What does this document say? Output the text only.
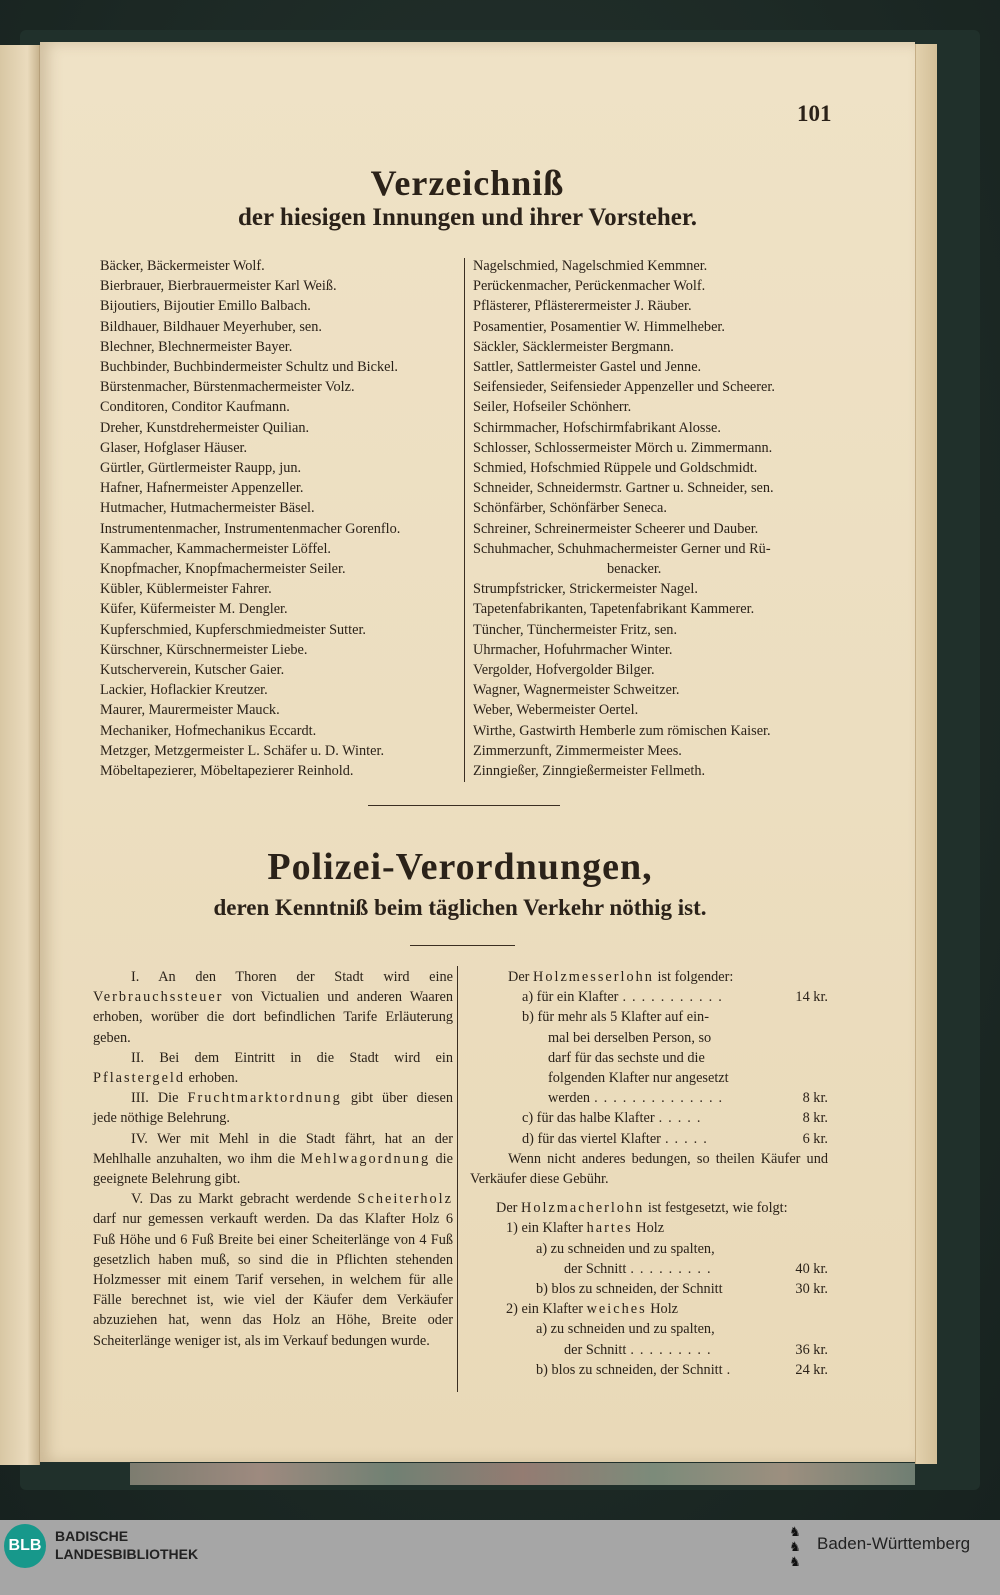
101
Verzeichniß
der hiesigen Innungen und ihrer Vorsteher.
Bäcker, Bäckermeister Wolf.
Bierbrauer, Bierbrauermeister Karl Weiß.
Bijoutiers, Bijoutier Emillo Balbach.
Bildhauer, Bildhauer Meyerhuber, sen.
Blechner, Blechnermeister Bayer.
Buchbinder, Buchbindermeister Schultz und Bickel.
Bürstenmacher, Bürstenmachermeister Volz.
Conditoren, Conditor Kaufmann.
Dreher, Kunstdrehermeister Quilian.
Glaser, Hofglaser Häuser.
Gürtler, Gürtlermeister Raupp, jun.
Hafner, Hafnermeister Appenzeller.
Hutmacher, Hutmachermeister Bäsel.
Instrumentenmacher, Instrumentenmacher Gorenflo.
Kammacher, Kammachermeister Löffel.
Knopfmacher, Knopfmachermeister Seiler.
Kübler, Küblermeister Fahrer.
Küfer, Küfermeister M. Dengler.
Kupferschmied, Kupferschmiedmeister Sutter.
Kürschner, Kürschnermeister Liebe.
Kutscherverein, Kutscher Gaier.
Lackier, Hoflackier Kreutzer.
Maurer, Maurermeister Mauck.
Mechaniker, Hofmechanikus Eccardt.
Metzger, Metzgermeister L. Schäfer u. D. Winter.
Möbeltapezierer, Möbeltapezierer Reinhold.
Nagelschmied, Nagelschmied Kemmner.
Perückenmacher, Perückenmacher Wolf.
Pflästerer, Pflästerermeister J. Räuber.
Posamentier, Posamentier W. Himmelheber.
Säckler, Säcklermeister Bergmann.
Sattler, Sattlermeister Gastel und Jenne.
Seifensieder, Seifensieder Appenzeller und Scheerer.
Seiler, Hofseiler Schönherr.
Schirmmacher, Hofschirmfabrikant Alosse.
Schlosser, Schlossermeister Mörch u. Zimmermann.
Schmied, Hofschmied Rüppele und Goldschmidt.
Schneider, Schneidermstr. Gartner u. Schneider, sen.
Schönfärber, Schönfärber Seneca.
Schreiner, Schreinermeister Scheerer und Dauber.
Schuhmacher, Schuhmachermeister Gerner und Rü-
benacker.
Strumpfstricker, Strickermeister Nagel.
Tapetenfabrikanten, Tapetenfabrikant Kammerer.
Tüncher, Tünchermeister Fritz, sen.
Uhrmacher, Hofuhrmacher Winter.
Vergolder, Hofvergolder Bilger.
Wagner, Wagnermeister Schweitzer.
Weber, Webermeister Oertel.
Wirthe, Gastwirth Hemberle zum römischen Kaiser.
Zimmerzunft, Zimmermeister Mees.
Zinngießer, Zinngießermeister Fellmeth.
Polizei-Verordnungen,
deren Kenntniß beim täglichen Verkehr nöthig ist.

I. An den Thoren der Stadt wird eine Verbrauchssteuer von Victualien und anderen Waaren erhoben, worüber die dort befindlichen Tarife Erläuterung geben.

II. Bei dem Eintritt in die Stadt wird ein Pflastergeld erhoben.

III. Die Fruchtmarktordnung gibt über diesen jede nöthige Belehrung.

IV. Wer mit Mehl in die Stadt fährt, hat an der Mehlhalle anzuhalten, wo ihm die Mehlwagordnung die geeignete Belehrung gibt.

V. Das zu Markt gebracht werdende Scheiterholz darf nur gemessen verkauft werden. Da das Klafter Holz 6 Fuß Höhe und 6 Fuß Breite bei einer Scheiterlänge von 4 Fuß gesetzlich haben muß, so sind die in Pflichten stehenden Holzmesser mit einem Tarif versehen, in welchem für alle Fälle berechnet ist, wie viel der Käufer dem Verkäufer abzuziehen hat, wenn das Holz an Höhe, Breite oder Scheiterlänge weniger ist, als im Verkauf bedungen wurde.

Der Holzmesserlohn ist folgender:

a) für ein Klafter ...........	14 kr.
b) für mehr als 5 Klafter auf ein-
mal bei derselben Person, so
darf für das sechste und die
folgenden Klafter nur angesetzt
werden ..............	8 kr.
c) für das halbe Klafter .....	8 kr.
d) für das viertel Klafter .....	6 kr.

Wenn nicht anderes bedungen, so theilen Käufer und Verkäufer diese Gebühr.

Der Holzmacherlohn ist festgesetzt, wie folgt:

1) ein Klafter hartes Holz
a) zu schneiden und zu spalten,
der Schnitt .........	40 kr.
b) blos zu schneiden, der Schnitt	30 kr.
2) ein Klafter weiches Holz
a) zu schneiden und zu spalten,
der Schnitt .........	36 kr.
b) blos zu schneiden, der Schnitt .	24 kr.
BLB
BADISCHE
LANDESBIBLIOTHEK
♞
♞
♞
Baden-Württemberg
